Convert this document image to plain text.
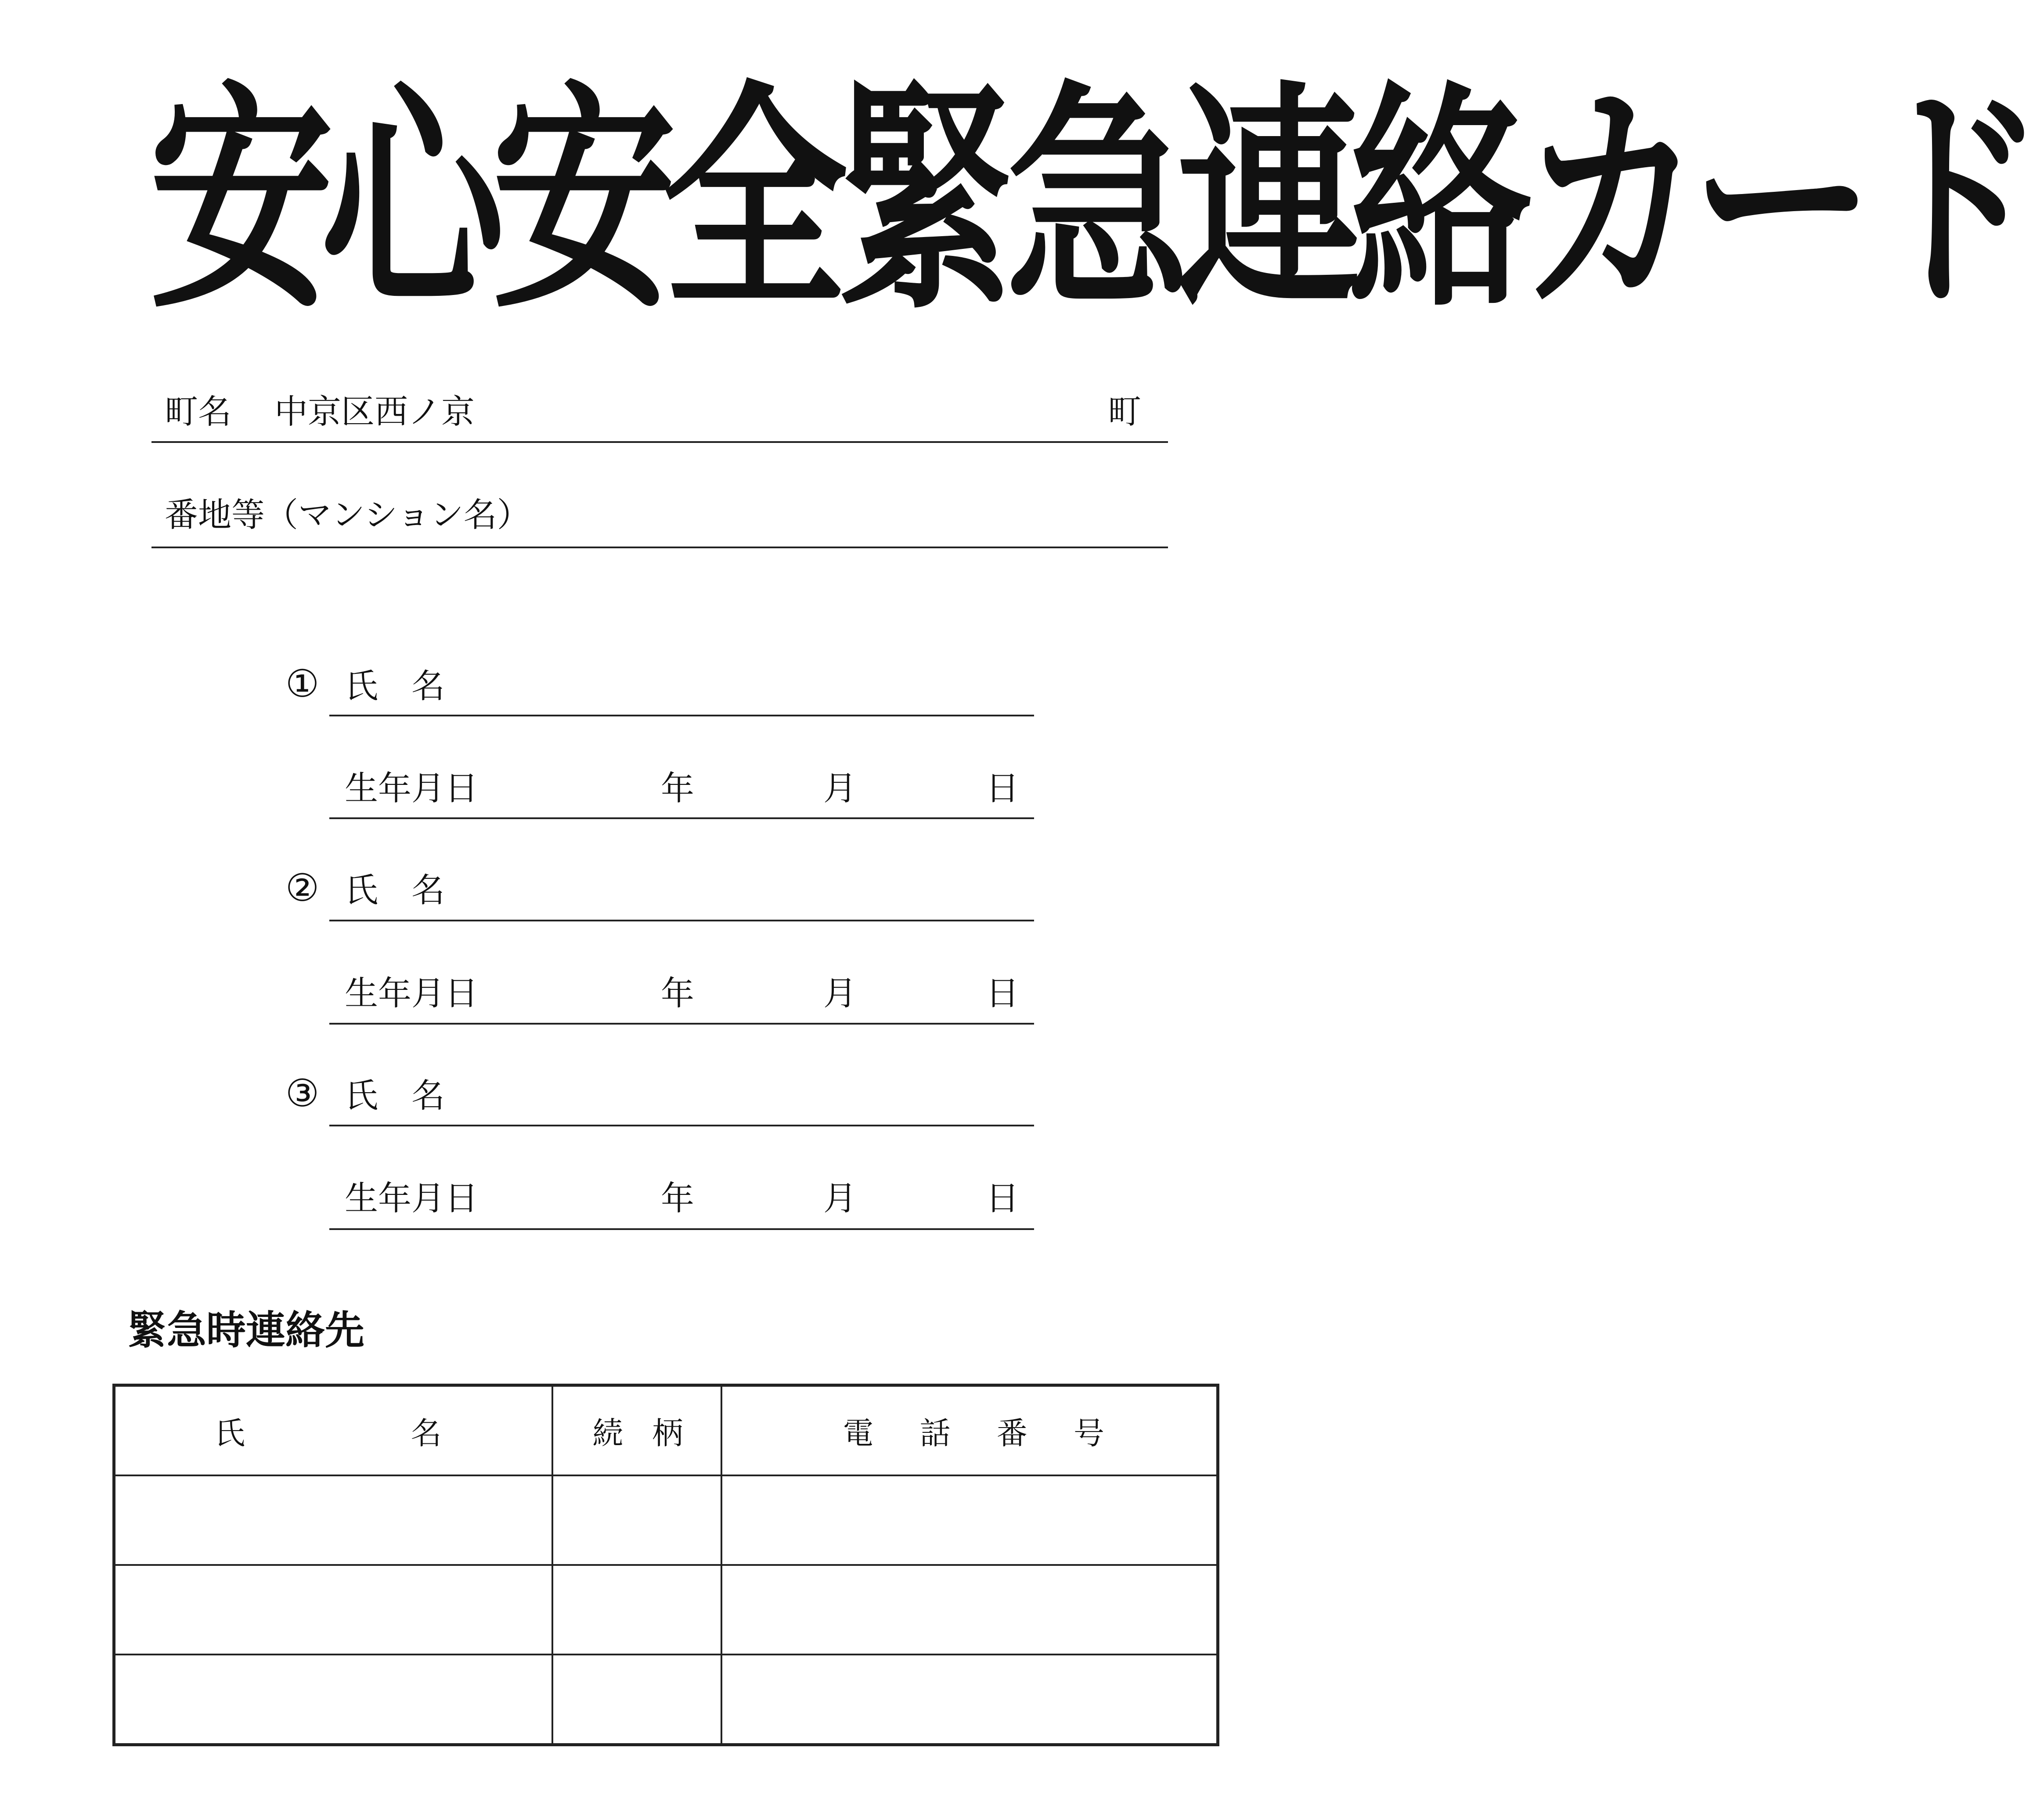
安心安全緊急連絡カード
町名 中京区西ノ京	町
番地等（マンション名）
① 氏　名
生年月日	年	月	日
② 氏　名
生年月日	年	月	日
③ 氏　名
生年月日	年	月	日
緊急時連絡先
氏 名	続 柄	電 話 番 号
